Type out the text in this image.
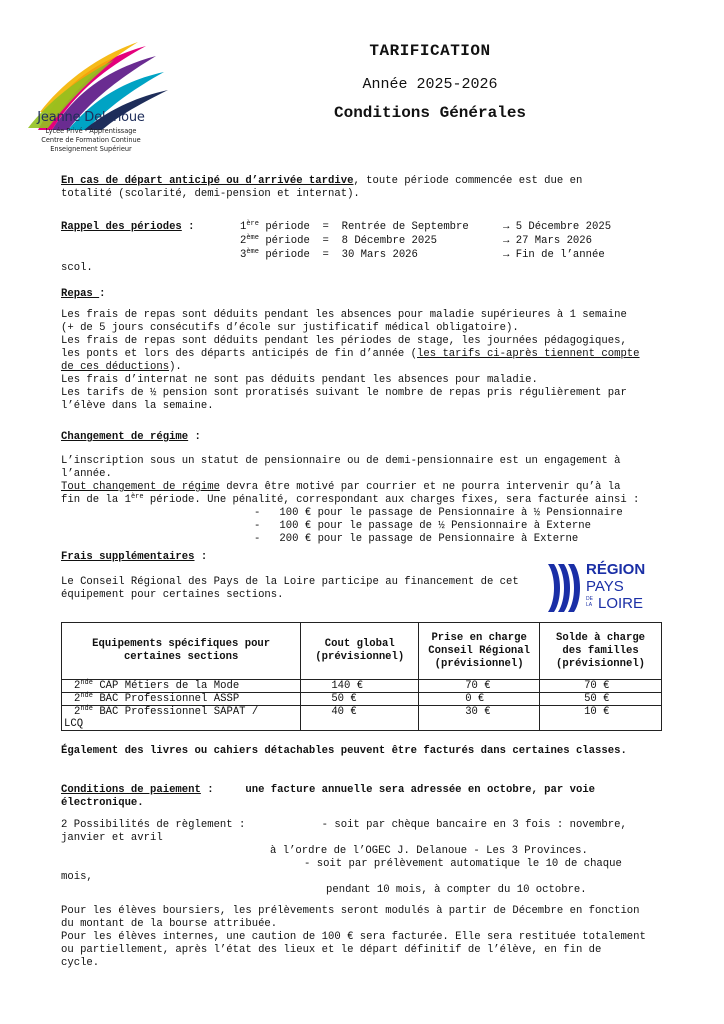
Jeanne Delanoue
Lycée Privé - Apprentissage
Centre de Formation Continue
Enseignement Supérieur
TARIFICATION
Année 2025-2026
Conditions Générales
En cas de départ anticipé ou d’arrivée tardive, toute période commencée est due en
totalité (scolarité, demi-pension et internat).
Rappel des périodes :	1ère période  =  Rentrée de Septembre	→ 5 Décembre 2025
2ème période  =  8 Décembre 2025	→ 27 Mars 2026
3ème période  =  30 Mars 2026	→ Fin de l’année
scol.
Repas :
Les frais de repas sont déduits pendant les absences pour maladie supérieures à 1 semaine
(+ de 5 jours consécutifs d’école sur justificatif médical obligatoire).
Les frais de repas sont déduits pendant les périodes de stage, les journées pédagogiques,
les ponts et lors des départs anticipés de fin d’année (les tarifs ci-après tiennent compte
de ces déductions).
Les frais d’internat ne sont pas déduits pendant les absences pour maladie.
Les tarifs de ½ pension sont proratisés suivant le nombre de repas pris régulièrement par
l’élève dans la semaine.
Changement de régime :
L’inscription sous un statut de pensionnaire ou de demi-pensionnaire est un engagement à
l’année.
Tout changement de régime devra être motivé par courrier et ne pourra intervenir qu’à la
fin de la 1ère période. Une pénalité, correspondant aux charges fixes, sera facturée ainsi :
-   100 € pour le passage de Pensionnaire à ½ Pensionnaire
-   100 € pour le passage de ½ Pensionnaire à Externe
-   200 € pour le passage de Pensionnaire à Externe
Frais supplémentaires :
Le Conseil Régional des Pays de la Loire participe au financement de cet
équipement pour certaines sections.
RÉGION
PAYS
DE
LA LOIRE
Equipements spécifiques pour certaines sections	Cout global (prévisionnel)	Prise en charge Conseil Régional (prévisionnel)	Solde à charge des familles (prévisionnel)
2nde CAP Métiers de la Mode	140 €	70 €	70 €
2nde BAC Professionnel ASSP	50 €	0 €	50 €
2nde BAC Professionnel SAPAT /
LCQ	40 €	30 €	10 €
Également des livres ou cahiers détachables peuvent être facturés dans certaines classes.
Conditions de paiement :     une facture annuelle sera adressée en octobre, par voie
électronique.
2 Possibilités de règlement :            - soit par chèque bancaire en 3 fois : novembre,
janvier et avril
à l’ordre de l’OGEC J. Delanoue - Les 3 Provinces.
- soit par prélèvement automatique le 10 de chaque
mois,
pendant 10 mois, à compter du 10 octobre.
Pour les élèves boursiers, les prélèvements seront modulés à partir de Décembre en fonction
du montant de la bourse attribuée.
Pour les élèves internes, une caution de 100 € sera facturée. Elle sera restituée totalement
ou partiellement, après l’état des lieux et le départ définitif de l’élève, en fin de
cycle.
